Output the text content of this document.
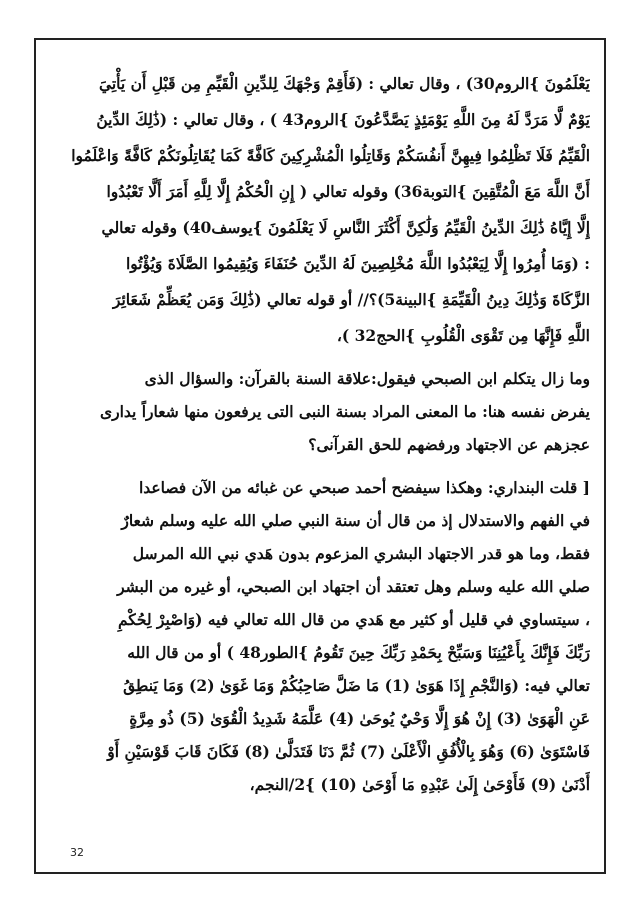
يَعْلَمُونَ }الروم30) ، وقال تعالي : (فَأَقِمْ وَجْهَكَ لِلدِّينِ الْقَيِّمِ مِن قَبْلِ أَن يَأْتِيَ
يَوْمٌ لَّا مَرَدَّ لَهُ مِنَ اللَّهِ يَوْمَئِذٍ يَصَّدَّعُونَ }الروم43 ) ، وقال تعالي : (ذَٰلِكَ الدِّينُ
الْقَيِّمُ فَلَا تَظْلِمُوا فِيهِنَّ أَنفُسَكُمْ وَقَاتِلُوا الْمُشْرِكِينَ كَافَّةً كَمَا يُقَاتِلُونَكُمْ كَافَّةً وَاعْلَمُوا
أَنَّ اللَّهَ مَعَ الْمُتَّقِينَ }التوبة36) وقوله تعالي ( إِنِ الْحُكْمُ إِلَّا لِلَّهِ أَمَرَ أَلَّا تَعْبُدُوا
إِلَّا إِيَّاهُ ذَٰلِكَ الدِّينُ الْقَيِّمُ وَلَٰكِنَّ أَكْثَرَ النَّاسِ لَا يَعْلَمُونَ }يوسف40) وقوله تعالي
: (وَمَا أُمِرُوا إِلَّا لِيَعْبُدُوا اللَّهَ مُخْلِصِينَ لَهُ الدِّينَ حُنَفَاءَ وَيُقِيمُوا الصَّلَاةَ وَيُؤْتُوا
الزَّكَاةَ وَذَٰلِكَ دِينُ الْقَيِّمَةِ }البينة5)؟// أو قوله تعالي (ذَٰلِكَ وَمَن يُعَظِّمْ شَعَائِرَ
اللَّهِ فَإِنَّهَا مِن تَقْوَى الْقُلُوبِ }الحج32 )،
وما زال يتكلم ابن الصبحي فيقول:علاقة السنة بالقرآن: والسؤال الذى
يفرض نفسه هنا: ما المعنى المراد بسنة النبى التى يرفعون منها شعاراً يدارى
عجزهم عن الاجتهاد ورفضهم للحق القرآنى؟
[ قلت البنداري: وهكذا سيفضح أحمد صبحي عن غبائه من الآن فصاعدا
في الفهم والاستدلال إذ من قال أن سنة النبي صلي الله عليه وسلم شعارٌ
فقط، وما هو قدر الاجتهاد البشري المزعوم بدون هَدي نبي الله المرسل
صلي الله عليه وسلم وهل تعتقد أن اجتهاد ابن الصبحي، أو غيره من البشر
، سيتساوي في قليل أو كثير مع هَدي من قال الله تعالي فيه (وَاصْبِرْ لِحُكْمِ
رَبِّكَ فَإِنَّكَ بِأَعْيُنِنَا وَسَبِّحْ بِحَمْدِ رَبِّكَ حِينَ تَقُومُ }الطور48 ) أو من قال الله
تعالي فيه: (وَالنَّجْمِ إِذَا هَوَىٰ (1) مَا ضَلَّ صَاحِبُكُمْ وَمَا غَوَىٰ (2) وَمَا يَنطِقُ
عَنِ الْهَوَىٰ (3) إِنْ هُوَ إِلَّا وَحْيٌ يُوحَىٰ (4) عَلَّمَهُ شَدِيدُ الْقُوَىٰ (5) ذُو مِرَّةٍ
فَاسْتَوَىٰ (6) وَهُوَ بِالْأُفُقِ الْأَعْلَىٰ (7) ثُمَّ دَنَا فَتَدَلَّىٰ (8) فَكَانَ قَابَ قَوْسَيْنِ أَوْ
أَدْنَىٰ (9) فَأَوْحَىٰ إِلَىٰ عَبْدِهِ مَا أَوْحَىٰ (10) }2/النجم،
32
